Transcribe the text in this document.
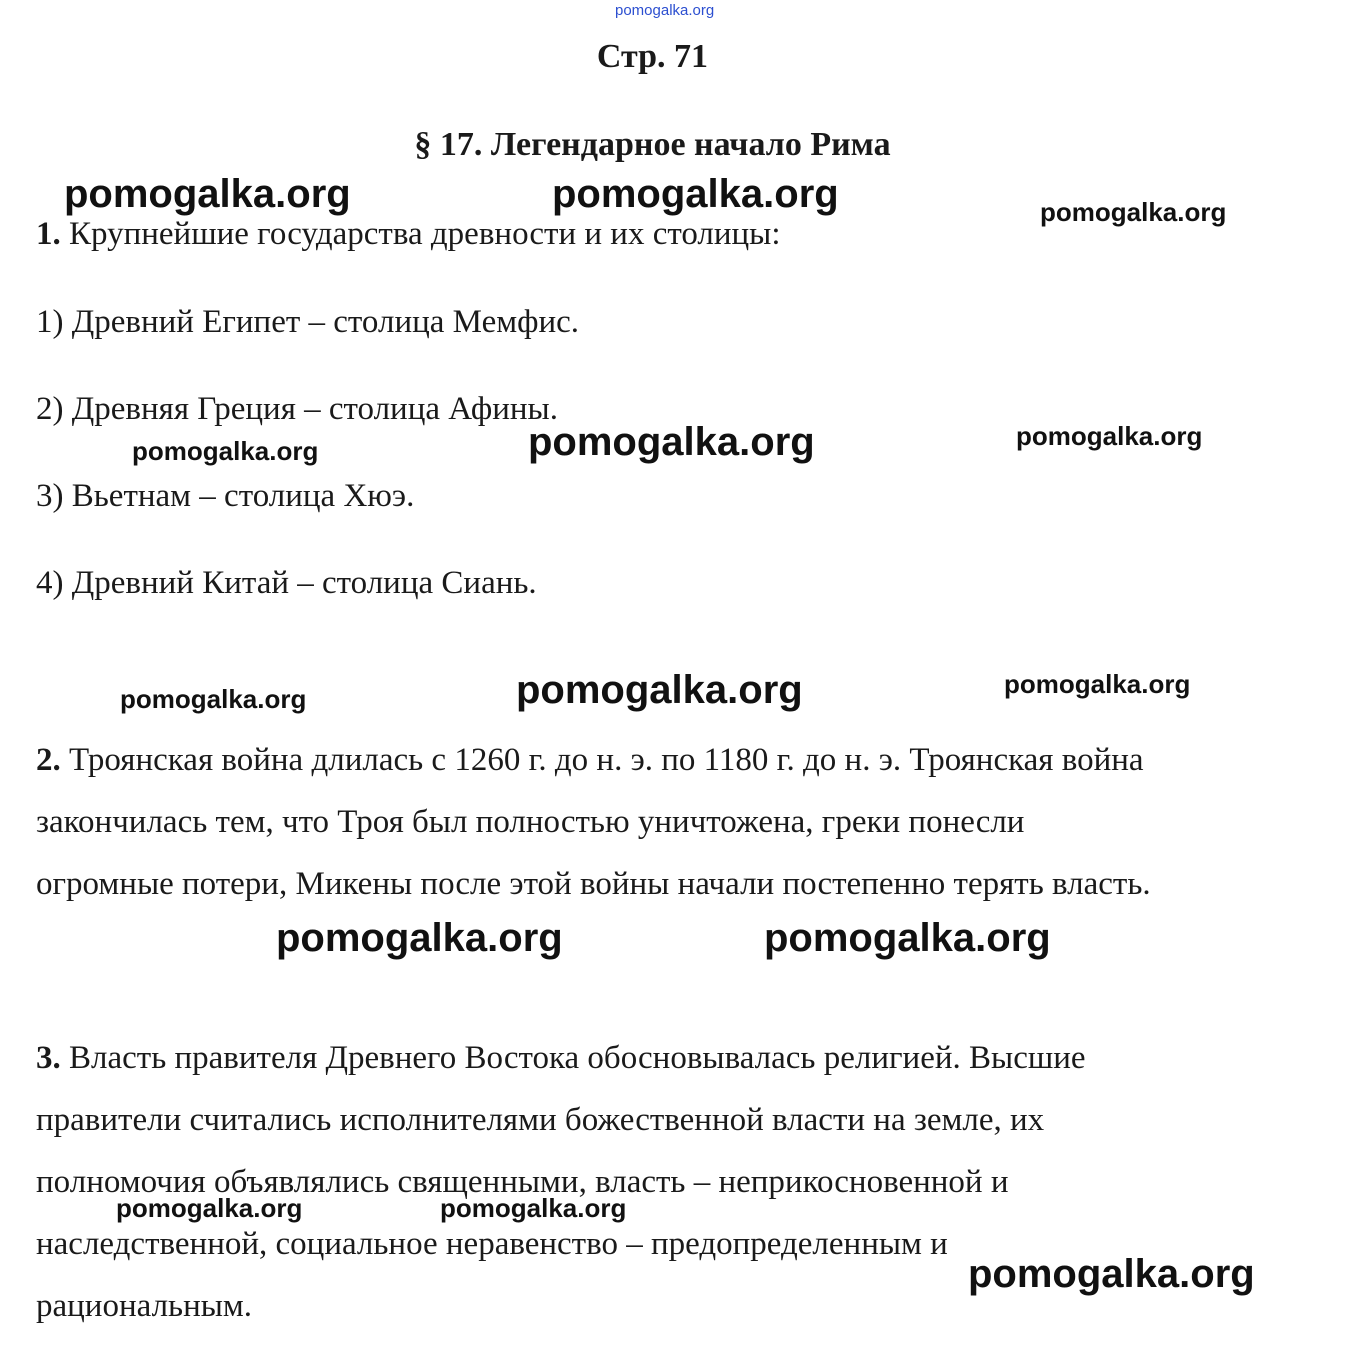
pomogalka.org
Стр. 71
§ 17. Легендарное начало Рима
1. Крупнейшие государства древности и их столицы:
1) Древний Египет – столица Мемфис.
2) Древняя Греция – столица Афины.
3) Вьетнам – столица Хюэ.
4) Древний Китай – столица Сиань.
2. Троянская война длилась с 1260 г. до н. э. по 1180 г. до н. э. Троянская война
закончилась тем, что Троя был полностью уничтожена, греки понесли
огромные потери, Микены после этой войны начали постепенно терять власть.
3. Власть правителя Древнего Востока обосновывалась религией. Высшие
правители считались исполнителями божественной власти на земле, их
полномочия объявлялись священными, власть – неприкосновенной и
наследственной, социальное неравенство – предопределенным и
рациональным.
pomogalka.org	pomogalka.org	pomogalka.org
pomogalka.org	pomogalka.org	pomogalka.org
pomogalka.org	pomogalka.org	pomogalka.org
pomogalka.org	pomogalka.org
pomogalka.org	pomogalka.org
pomogalka.org
